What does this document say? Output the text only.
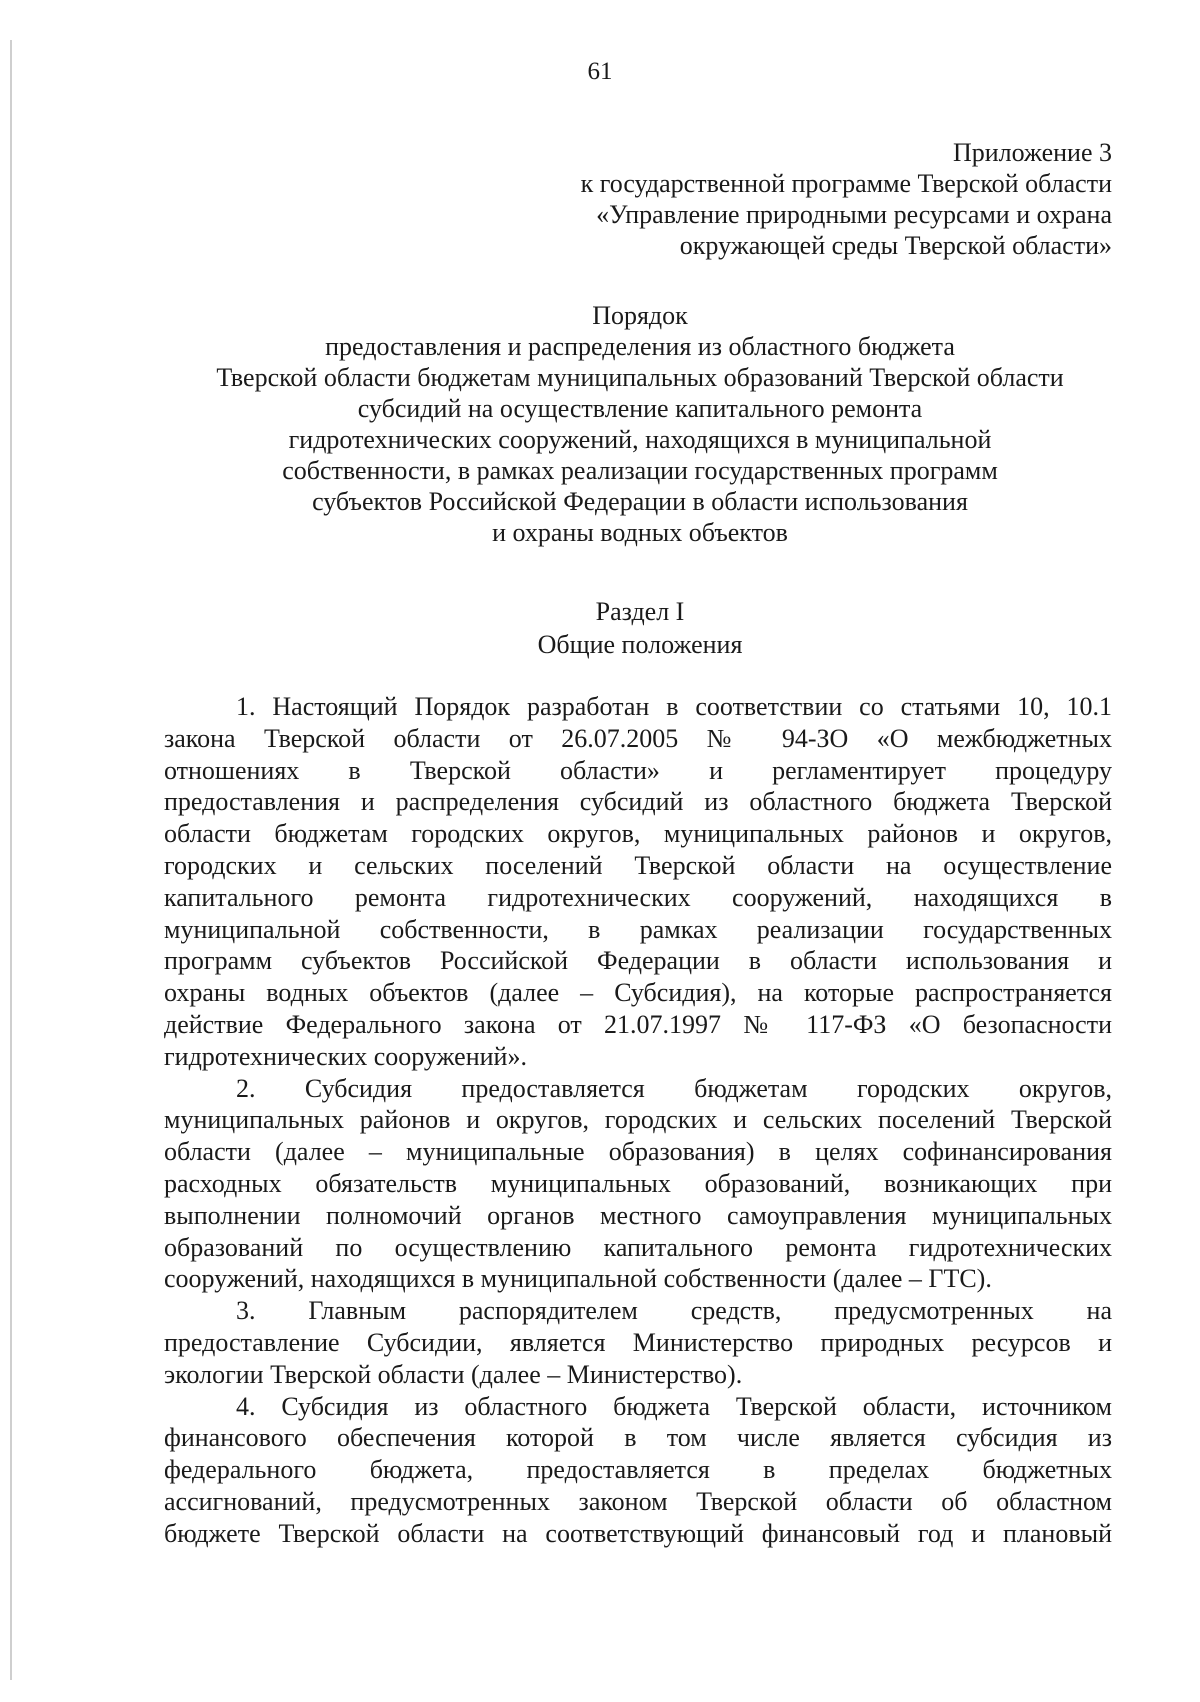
61
Приложение 3
к государственной программе Тверской области
«Управление природными ресурсами и охрана
окружающей среды Тверской области»
Порядок
предоставления и распределения из областного бюджета
Тверской области бюджетам муниципальных образований Тверской области
субсидий на осуществление капитального ремонта
гидротехнических сооружений, находящихся в муниципальной
собственности, в рамках реализации государственных программ
субъектов Российской Федерации в области использования
и охраны водных объектов
Раздел I
Общие положения

1. Настоящий Порядок разработан в соответствии со статьями 10, 10.1

закона Тверской области от 26.07.2005 № 94-ЗО «О межбюджетных

отношениях в Тверской области» и регламентирует процедуру

предоставления и распределения субсидий из областного бюджета Тверской

области бюджетам городских округов, муниципальных районов и округов,

городских и сельских поселений Тверской области на осуществление

капитального ремонта гидротехнических сооружений, находящихся в

муниципальной собственности, в рамках реализации государственных

программ субъектов Российской Федерации в области использования и

охраны водных объектов (далее – Субсидия), на которые распространяется

действие Федерального закона от 21.07.1997 № 117-ФЗ «О безопасности

гидротехнических сооружений».

2. Субсидия предоставляется бюджетам городских округов,

муниципальных районов и округов, городских и сельских поселений Тверской

области (далее – муниципальные образования) в целях софинансирования

расходных обязательств муниципальных образований, возникающих при

выполнении полномочий органов местного самоуправления муниципальных

образований по осуществлению капитального ремонта гидротехнических

сооружений, находящихся в муниципальной собственности (далее – ГТС).

3. Главным распорядителем средств, предусмотренных на

предоставление Субсидии, является Министерство природных ресурсов и

экологии Тверской области (далее – Министерство).

4. Субсидия из областного бюджета Тверской области, источником

финансового обеспечения которой в том числе является субсидия из

федерального бюджета, предоставляется в пределах бюджетных

ассигнований, предусмотренных законом Тверской области об областном

бюджете Тверской области на соответствующий финансовый год и плановый
